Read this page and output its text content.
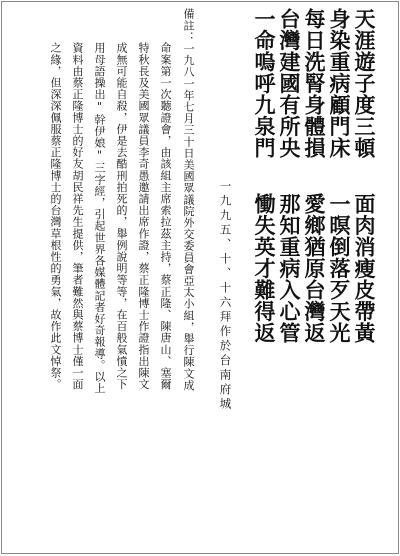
天涯遊子度三頓
身染重病顧門床
每日洗腎身體損
台灣建國有所央
一命嗚呼九泉門
面肉消瘦皮帶黃
一暝倒落歹天光
愛鄉猶原台灣返
那知重病入心管
慟失英才難得返
一九九五、十、十六拜作於台南府城
備註：一九八一年七月三十日美國眾議院外交委員會亞太小組，舉行陳文成
命案第一次聽證會，由該組主席索拉茲主持，蔡正隆、陳唐山、塞爾
特秋長及美國眾議員李奇愚邀請出席作證，蔡正隆博士作證指出陳文
成無可能自殺，伊是去酷刑拍死的，舉例說明等等，在百般氣憤之下
用母語操出"幹伊娘"三字經，引起世界各媒體記者好奇報導。以上
資料由蔡正隆博士的好友胡民祥先生提供，筆者難然與蔡博士僅一面
之緣，但深深佩服蔡正隆博士的台灣草根性的勇氣，故作此文悼祭。
